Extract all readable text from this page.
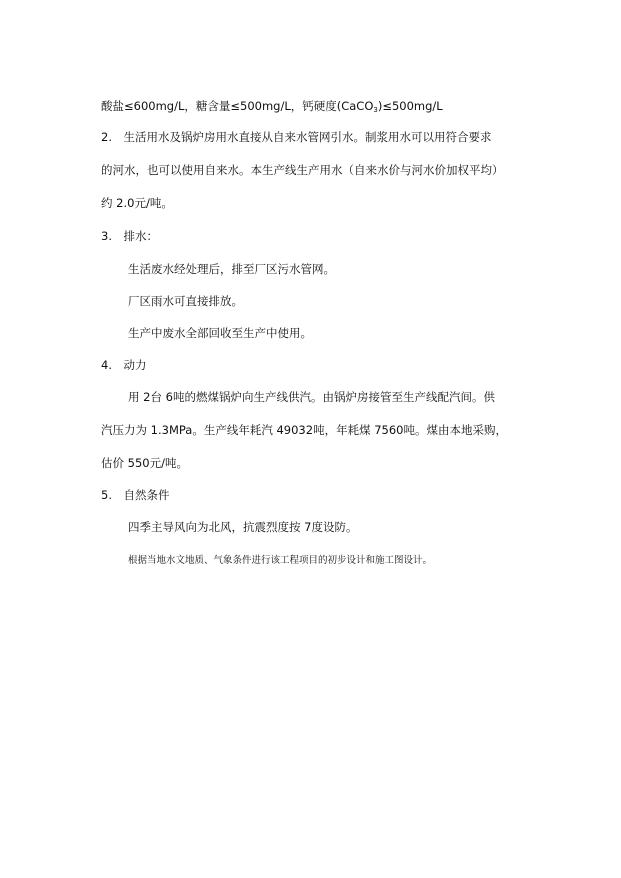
酸盐≤600mg/L，糖含量≤500mg/L，钙硬度(CaCO$_3$)≤500mg/L
2.　生活用水及锅炉房用水直接从自来水管网引水。制浆用水可以用符合要求
的河水，也可以使用自来水。本生产线生产用水（自来水价与河水价加权平均）
约 2.0元/吨。
3.　排水：
生活废水经处理后，排至厂区污水管网。
厂区雨水可直接排放。
生产中废水全部回收至生产中使用。
4.　动力
用 2台 6吨的燃煤锅炉向生产线供汽。由锅炉房接管至生产线配汽间。供
汽压力为 1.3MPa。生产线年耗汽 49032吨，年耗煤 7560吨。煤由本地采购，
估价 550元/吨。
5.　自然条件
四季主导风向为北风，抗震烈度按 7度设防。
根据当地水文地质、气象条件进行该工程项目的初步设计和施工图设计。
